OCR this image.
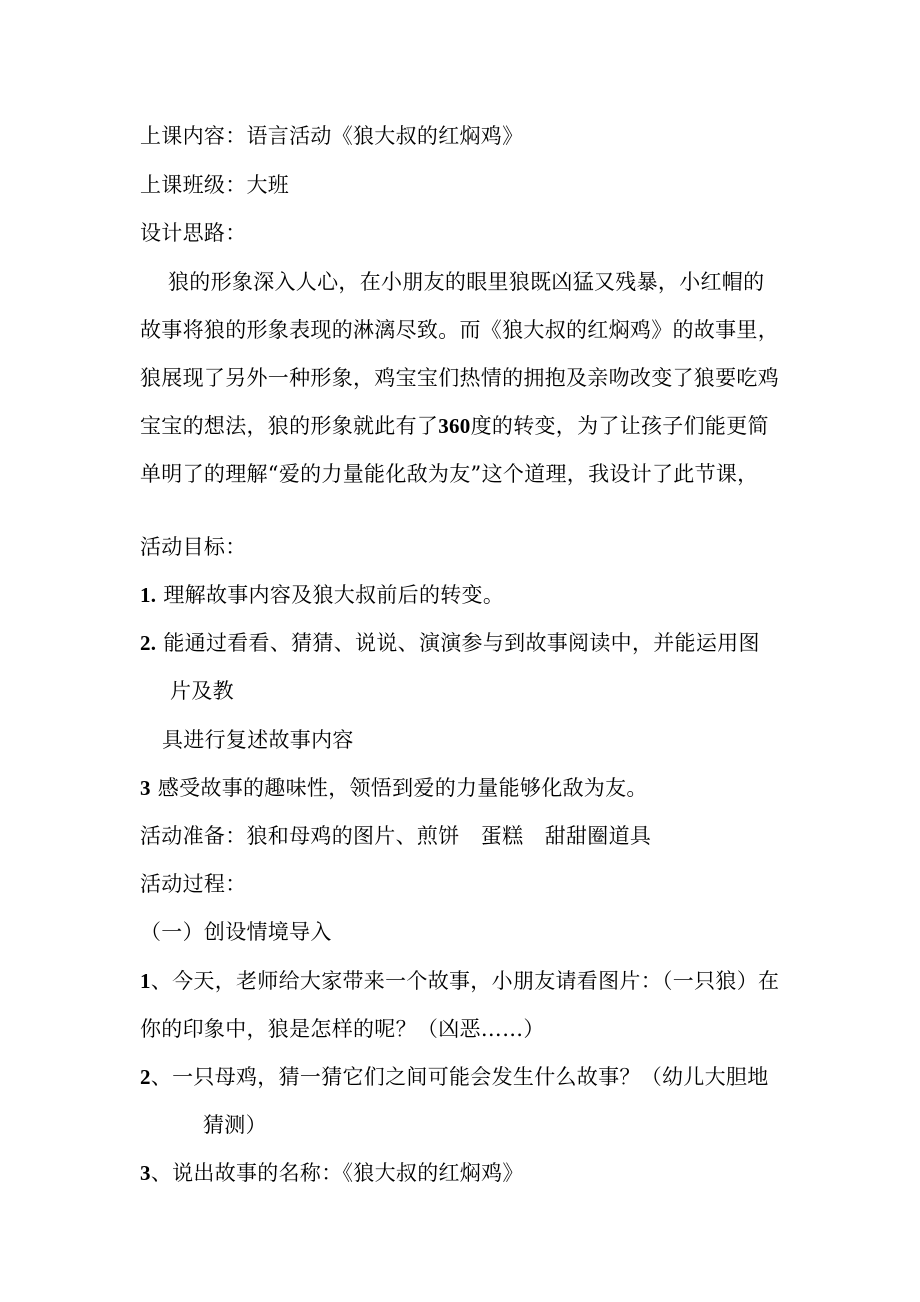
上课内容：语言活动《狼大叔的红焖鸡》
上课班级：大班
设计思路：
狼的形象深入人心，在小朋友的眼里狼既凶猛又残暴，小红帽的
故事将狼的形象表现的淋漓尽致。而《狼大叔的红焖鸡》的故事里，
狼展现了另外一种形象，鸡宝宝们热情的拥抱及亲吻改变了狼要吃鸡
宝宝的想法，狼的形象就此有了360度的转变，为了让孩子们能更简
单明了的理解“爱的力量能化敌为友”这个道理，我设计了此节课，
活动目标：
1. 理解故事内容及狼大叔前后的转变。
2. 能通过看看、猜猜、说说、演演参与到故事阅读中，并能运用图
片及教
具进行复述故事内容
3 感受故事的趣味性，领悟到爱的力量能够化敌为友。
活动准备：狼和母鸡的图片、煎饼　蛋糕　甜甜圈道具
活动过程：
（一）创设情境导入
1、今天，老师给大家带来一个故事，小朋友请看图片：（一只狼）在
你的印象中，狼是怎样的呢？（凶恶……）
2、一只母鸡，猜一猜它们之间可能会发生什么故事？（幼儿大胆地
猜测）
3、说出故事的名称：《狼大叔的红焖鸡》
